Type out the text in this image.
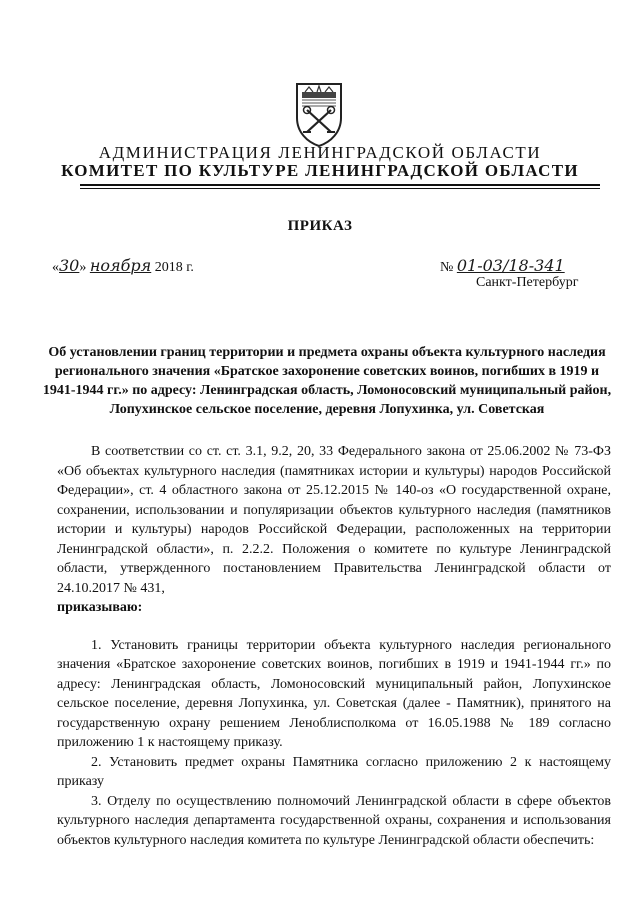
АДМИНИСТРАЦИЯ ЛЕНИНГРАДСКОЙ ОБЛАСТИ
КОМИТЕТ ПО КУЛЬТУРЕ ЛЕНИНГРАДСКОЙ ОБЛАСТИ
ПРИКАЗ
«30» ноября 2018 г.	№ 01-03/18-341
Санкт-Петербург
Об установлении границ территории и предмета охраны объекта культурного наследия регионального значения «Братское захоронение советских воинов, погибших в 1919 и 1941-1944 гг.» по адресу: Ленинградская область, Ломоносовский муниципальный район, Лопухинское сельское поселение, деревня Лопухинка, ул. Советская

В соответствии со ст. ст. 3.1, 9.2, 20, 33 Федерального закона от 25.06.2002 № 73-ФЗ «Об объектах культурного наследия (памятниках истории и культуры) народов Российской Федерации», ст. 4 областного закона от 25.12.2015 № 140-оз «О государственной охране, сохранении, использовании и популяризации объектов культурного наследия (памятников истории и культуры) народов Российской Федерации, расположенных на территории Ленинградской области», п. 2.2.2. Положения о комитете по культуре Ленинградской области, утвержденного постановлением Правительства Ленинградской области от 24.10.2017 № 431,

приказываю:

1. Установить границы территории объекта культурного наследия регионального значения «Братское захоронение советских воинов, погибших в 1919 и 1941-1944 гг.» по адресу: Ленинградская область, Ломоносовский муниципальный район, Лопухинское сельское поселение, деревня Лопухинка, ул. Советская (далее - Памятник), принятого на государственную охрану решением Леноблисполкома от 16.05.1988 № 189 согласно приложению 1 к настоящему приказу.

2. Установить предмет охраны Памятника согласно приложению 2 к настоящему приказу

3. Отделу по осуществлению полномочий Ленинградской области в сфере объектов культурного наследия департамента государственной охраны, сохранения и использования объектов культурного наследия комитета по культуре Ленинградской области обеспечить:
